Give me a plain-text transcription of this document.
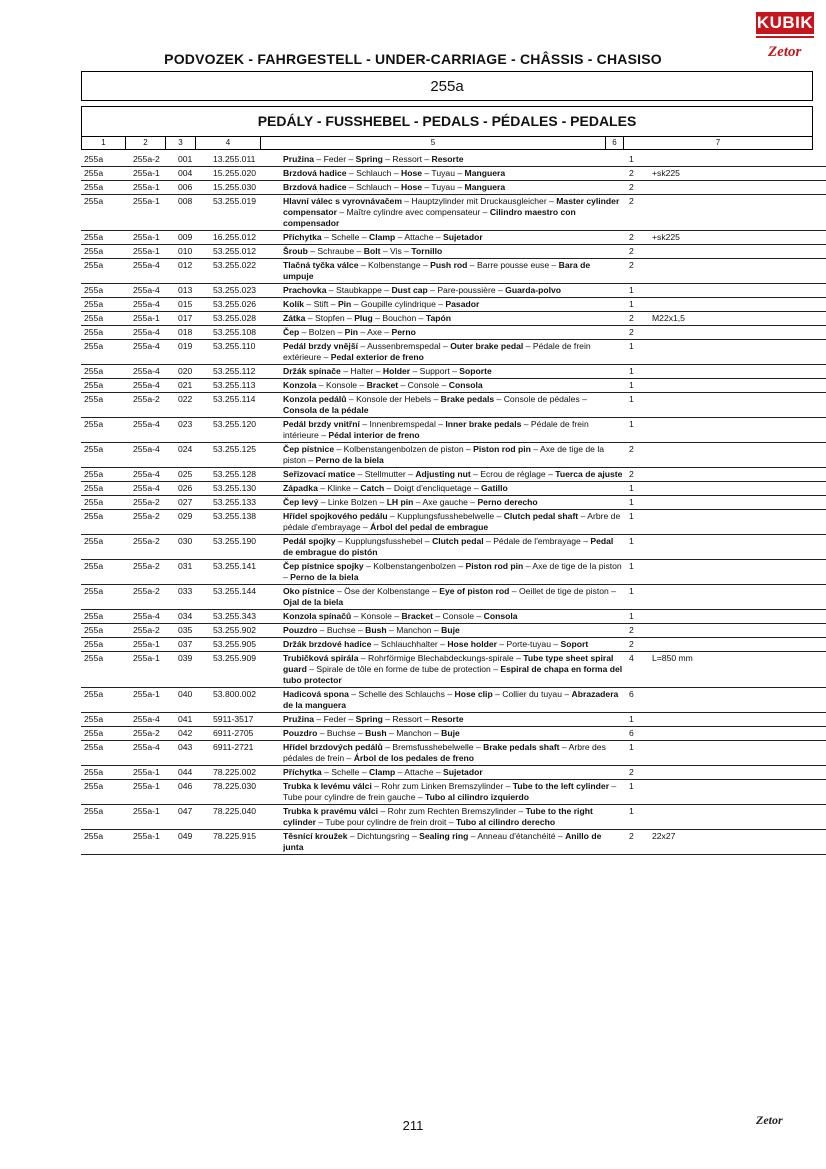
KUBIK
Zetor
PODVOZEK - FAHRGESTELL - UNDER-CARRIAGE - CHÂSSIS - CHASISO
255a
PEDÁLY - FUSSHEBEL - PEDALS - PÉDALES - PEDALES
1	2	3	4	5	6	7
255a	255a-2	001	13.255.011	Pružina – Feder – Spring – Ressort – Resorte	1	
255a	255a-1	004	15.255.020	Brzdová hadice – Schlauch – Hose – Tuyau – Manguera	2	+sk225
255a	255a-1	006	15.255.030	Brzdová hadice – Schlauch – Hose – Tuyau – Manguera	2	
255a	255a-1	008	53.255.019	Hlavní válec s vyrovnávačem – Hauptzylinder mit Druckausgleicher – Master cylinder compensator – Maître cylindre avec compensateur – Cilindro maestro con compensador	2	
255a	255a-1	009	16.255.012	Příchytka – Schelle – Clamp – Attache – Sujetador	2	+sk225
255a	255a-1	010	53.255.012	Šroub – Schraube – Bolt – Vis – Tornillo	2	
255a	255a-4	012	53.255.022	Tlačná tyčka válce – Kolbenstange – Push rod – Barre pousse euse – Bara de umpuje	2	
255a	255a-4	013	53.255.023	Prachovka – Staubkappe – Dust cap – Pare-poussière – Guarda-polvo	1	
255a	255a-4	015	53.255.026	Kolík – Stift – Pin – Goupille cylindrique – Pasador	1	
255a	255a-1	017	53.255.028	Zátka – Stopfen – Plug – Bouchon – Tapón	2	M22x1,5
255a	255a-4	018	53.255.108	Čep – Bolzen – Pin – Axe – Perno	2	
255a	255a-4	019	53.255.110	Pedál brzdy vnější – Aussenbremspedal – Outer brake pedal – Pédale de frein extérieure – Pedal exterior de freno	1	
255a	255a-4	020	53.255.112	Držák spínače – Halter – Holder – Support – Soporte	1	
255a	255a-4	021	53.255.113	Konzola – Konsole – Bracket – Console – Consola	1	
255a	255a-2	022	53.255.114	Konzola pedálů – Konsole der Hebels – Brake pedals – Console de pédales – Consola de la pédale	1	
255a	255a-4	023	53.255.120	Pedál brzdy vnitřní – Innenbremspedal – Inner brake pedals – Pédale de frein intérieure – Pédal interior de freno	1	
255a	255a-4	024	53.255.125	Čep pístnice – Kolbenstangenbolzen de piston – Piston rod pin – Axe de tige de la piston – Perno de la biela	2	
255a	255a-4	025	53.255.128	Seřizovací matice – Stellmutter – Adjusting nut – Ecrou de réglage – Tuerca de ajuste	2	
255a	255a-4	026	53.255.130	Západka – Klinke – Catch – Doigt d'encliquetage – Gatillo	1	
255a	255a-2	027	53.255.133	Čep levý – Linke Bolzen – LH pin – Axe gauche – Perno derecho	1	
255a	255a-2	029	53.255.138	Hřídel spojkového pedálu – Kupplungsfusshebelwelle – Clutch pedal shaft – Arbre de pédale d'embrayage – Árbol del pedal de embrague	1	
255a	255a-2	030	53.255.190	Pedál spojky – Kupplungsfusshebel – Clutch pedal – Pédale de l'embrayage – Pedal de embrague do pistón	1	
255a	255a-2	031	53.255.141	Čep pístnice spojky – Kolbenstangenbolzen – Piston rod pin – Axe de tige de la piston – Perno de la biela	1	
255a	255a-2	033	53.255.144	Oko pístnice – Öse der Kolbenstange – Eye of piston rod – Oeillet de tige de piston – Ojal de la biela	1	
255a	255a-4	034	53.255.343	Konzola spínačů – Konsole – Bracket – Console – Consola	1	
255a	255a-2	035	53.255.902	Pouzdro – Buchse – Bush – Manchon – Buje	2	
255a	255a-1	037	53.255.905	Držák brzdové hadice – Schlauchhalter – Hose holder – Porte-tuyau – Soport	2	
255a	255a-1	039	53.255.909	Trubičková spirála – Rohrförmige Blechabdeckungs-spirale – Tube type sheet spiral guard – Spirale de tôle en forme de tube de protection – Espiral de chapa en forma del tubo protector	4	L=850 mm
255a	255a-1	040	53.800.002	Hadicová spona – Schelle des Schlauchs – Hose clip – Collier du tuyau – Abrazadera de la manguera	6	
255a	255a-4	041	5911-3517	Pružina – Feder – Spring – Ressort – Resorte	1	
255a	255a-2	042	6911-2705	Pouzdro – Buchse – Bush – Manchon – Buje	6	
255a	255a-4	043	6911-2721	Hřídel brzdových pedálů – Bremsfusshebelwelle – Brake pedals shaft – Arbre des pédales de frein – Árbol de los pedales de freno	1	
255a	255a-1	044	78.225.002	Příchytka – Schelle – Clamp – Attache – Sujetador	2	
255a	255a-1	046	78.225.030	Trubka k levému válci – Rohr zum Linken Bremszylinder – Tube to the left cylinder – Tube pour cylindre de frein gauche – Tubo al cilindro izquierdo	1	
255a	255a-1	047	78.225.040	Trubka k pravému válci – Rohr zum Rechten Bremszylinder – Tube to the right cylinder – Tube pour cylindre de frein droit – Tubo al cilindro derecho	1	
255a	255a-1	049	78.225.915	Těsnící kroužek – Dichtungsring – Sealing ring – Anneau d'étanchéité – Anillo de junta	2	22x27
211	Zetor
